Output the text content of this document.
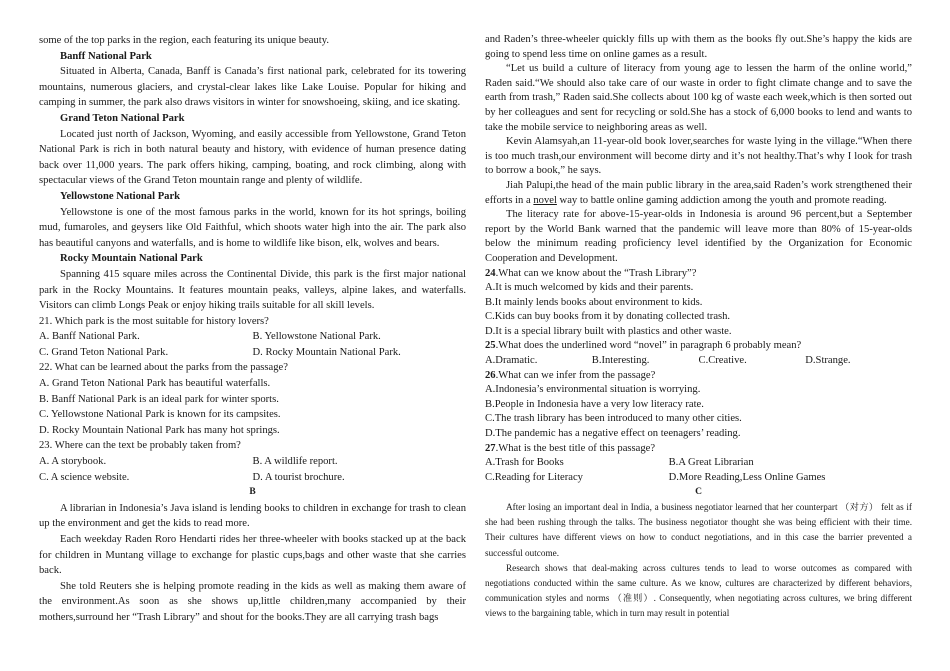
some of the top parks in the region, each featuring its unique beauty.

Banff National Park

Situated in Alberta, Canada, Banff is Canada’s first national park, celebrated for its towering mountains, numerous glaciers, and crystal-clear lakes like Lake Louise. Popular for hiking and camping in summer, the park also draws visitors in winter for snowshoeing, skiing, and ice skating.

Grand Teton National Park

Located just north of Jackson, Wyoming, and easily accessible from Yellowstone, Grand Teton National Park is rich in both natural beauty and history, with evidence of human presence dating back over 11,000 years. The park offers hiking, camping, boating, and rock climbing, along with spectacular views of the Grand Teton mountain range and plenty of wildlife.

Yellowstone National Park

Yellowstone is one of the most famous parks in the world, known for its hot springs, boiling mud, fumaroles, and geysers like Old Faithful, which shoots water high into the air. The park also has beautiful canyons and waterfalls, and is home to wildlife like bison, elk, wolves and bears.

Rocky Mountain National Park

Spanning 415 square miles across the Continental Divide, this park is the first major national park in the Rocky Mountains. It features mountain peaks, valleys, alpine lakes, and waterfalls. Visitors can climb Longs Peak or enjoy hiking trails suitable for all skill levels.

21. Which park is the most suitable for history lovers?

A. Banff National Park.	B. Yellowstone National Park.
C. Grand Teton National Park.	D. Rocky Mountain National Park.

22. What can be learned about the parks from the passage?

A. Grand Teton National Park has beautiful waterfalls.

B. Banff National Park is an ideal park for winter sports.

C. Yellowstone National Park is known for its campsites.

D. Rocky Mountain National Park has many hot springs.

23. Where can the text be probably taken from?

A. A storybook.	B. A wildlife report.
C. A science website.	D. A tourist brochure.

B

A librarian in Indonesia’s Java island is lending books to children in exchange for trash to clean up the environment and get the kids to read more.

Each weekday Raden Roro Hendarti rides her three-wheeler with books stacked up at the back for children in Muntang village to exchange for plastic cups,bags and other waste that she carries back.

She told Reuters she is helping promote reading in the kids as well as making them aware of the environment.As soon as she shows up,little children,many accompanied by their mothers,surround her “Trash Library” and shout for the books.They are all carrying trash bags

and Raden’s three-wheeler quickly fills up with them as the books fly out.She’s happy the kids are going to spend less time on online games as a result.

“Let us build a culture of literacy from young age to lessen the harm of the online world,” Raden said.“We should also take care of our waste in order to fight climate change and to save the earth from trash,” Raden said.She collects about 100 kg of waste each week,which is then sorted out by her colleagues and sent for recycling or sold.She has a stock of 6,000 books to lend and wants to take the mobile service to neighboring areas as well.

Kevin Alamsyah,an 11-year-old book lover,searches for waste lying in the village.“When there is too much trash,our environment will become dirty and it’s not healthy.That’s why I look for trash to borrow a book,” he says.

Jiah Palupi,the head of the main public library in the area,said Raden’s work strengthened their efforts in a novel way to battle online gaming addiction among the youth and promote reading.

The literacy rate for above-15-year-olds in Indonesia is around 96 percent,but a September report by the World Bank warned that the pandemic will leave more than 80% of 15-year-olds below the minimum reading proficiency level identified by the Organization for Economic Cooperation and Development.

24.What can we know about the “Trash Library”?

A.It is much welcomed by kids and their parents.

B.It mainly lends books about environment to kids.

C.Kids can buy books from it by donating collected trash.

D.It is a special library built with plastics and other waste.

25.What does the underlined word “novel” in paragraph 6 probably mean?

A.Dramatic.	B.Interesting.	C.Creative.	D.Strange.

26.What can we infer from the passage?

A.Indonesia’s environmental situation is worrying.

B.People in Indonesia have a very low literacy rate.

C.The trash library has been introduced to many other cities.

D.The pandemic has a negative effect on teenagers’ reading.

27.What is the best title of this passage?

A.Trash for Books	B.A Great Librarian
C.Reading for Literacy	D.More Reading,Less Online Games

C

After losing an important deal in India, a business negotiator learned that her counterpart （对方） felt as if she had been rushing through the talks. The business negotiator thought she was being efficient with their time. Their cultures have different views on how to conduct negotiations, and in this case the barrier prevented a successful outcome.

Research shows that deal-making across cultures tends to lead to worse outcomes as compared with negotiations conducted within the same culture. As we know, cultures are characterized by different behaviors, communication styles and norms （准则）. Consequently, when negotiating across cultures, we bring different views to the bargaining table, which in turn may result in potential
